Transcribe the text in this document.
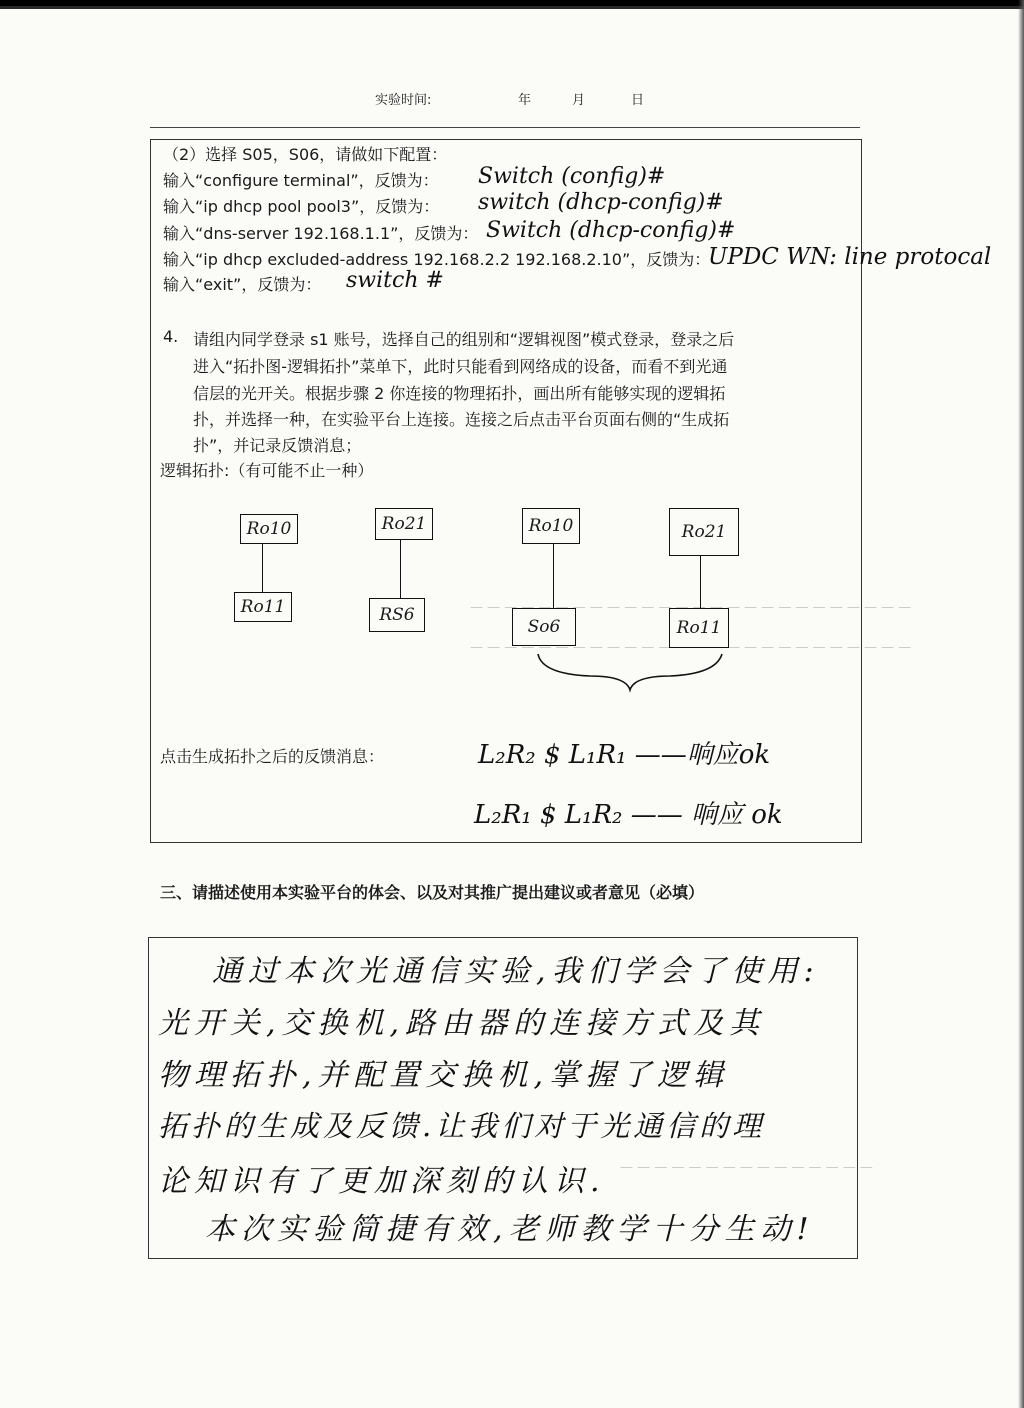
— — — — — — — — — — — — — — — — — — — — — — — — — —
— — — — — — — — — — — — — — — — — — — — — — — — — —
— — — — — — — — — — — — — — —
实验时间:	年	月	日
（2）选择 S05，S06，请做如下配置：
输入“configure terminal”，反馈为： Switch (config)#
输入“ip dhcp pool pool3”，反馈为： switch (dhcp-config)#
输入“dns-server 192.168.1.1”，反馈为： Switch (dhcp-config)#
输入“ip dhcp excluded-address 192.168.2.2 192.168.2.10”，反馈为：
UPDC WN: line protocal
输入“exit”，反馈为： switch #
4. 请组内同学登录 s1 账号，选择自己的组别和“逻辑视图”模式登录，登录之后
进入“拓扑图-逻辑拓扑”菜单下，此时只能看到网络成的设备，而看不到光通
信层的光开关。根据步骤 2 你连接的物理拓扑，画出所有能够实现的逻辑拓
扑，并选择一种，在实验平台上连接。连接之后点击平台页面右侧的“生成拓
扑”，并记录反馈消息；
逻辑拓扑:（有可能不止一种）
Ro10
Ro11
Ro21
RS6
Ro10
So6
Ro21
Ro11
点击生成拓扑之后的反馈消息：	L₂R₂ $ L₁R₁ ——响应ok
L₂R₁ $ L₁R₂ —— 响应 ok
三、请描述使用本实验平台的体会、以及对其推广提出建议或者意见（必填）
通过本次光通信实验,我们学会了使用:
光开关,交换机,路由器的连接方式及其
物理拓扑,并配置交换机,掌握了逻辑
拓扑的生成及反馈.让我们对于光通信的理
论知识有了更加深刻的认识.
本次实验简捷有效,老师教学十分生动!
